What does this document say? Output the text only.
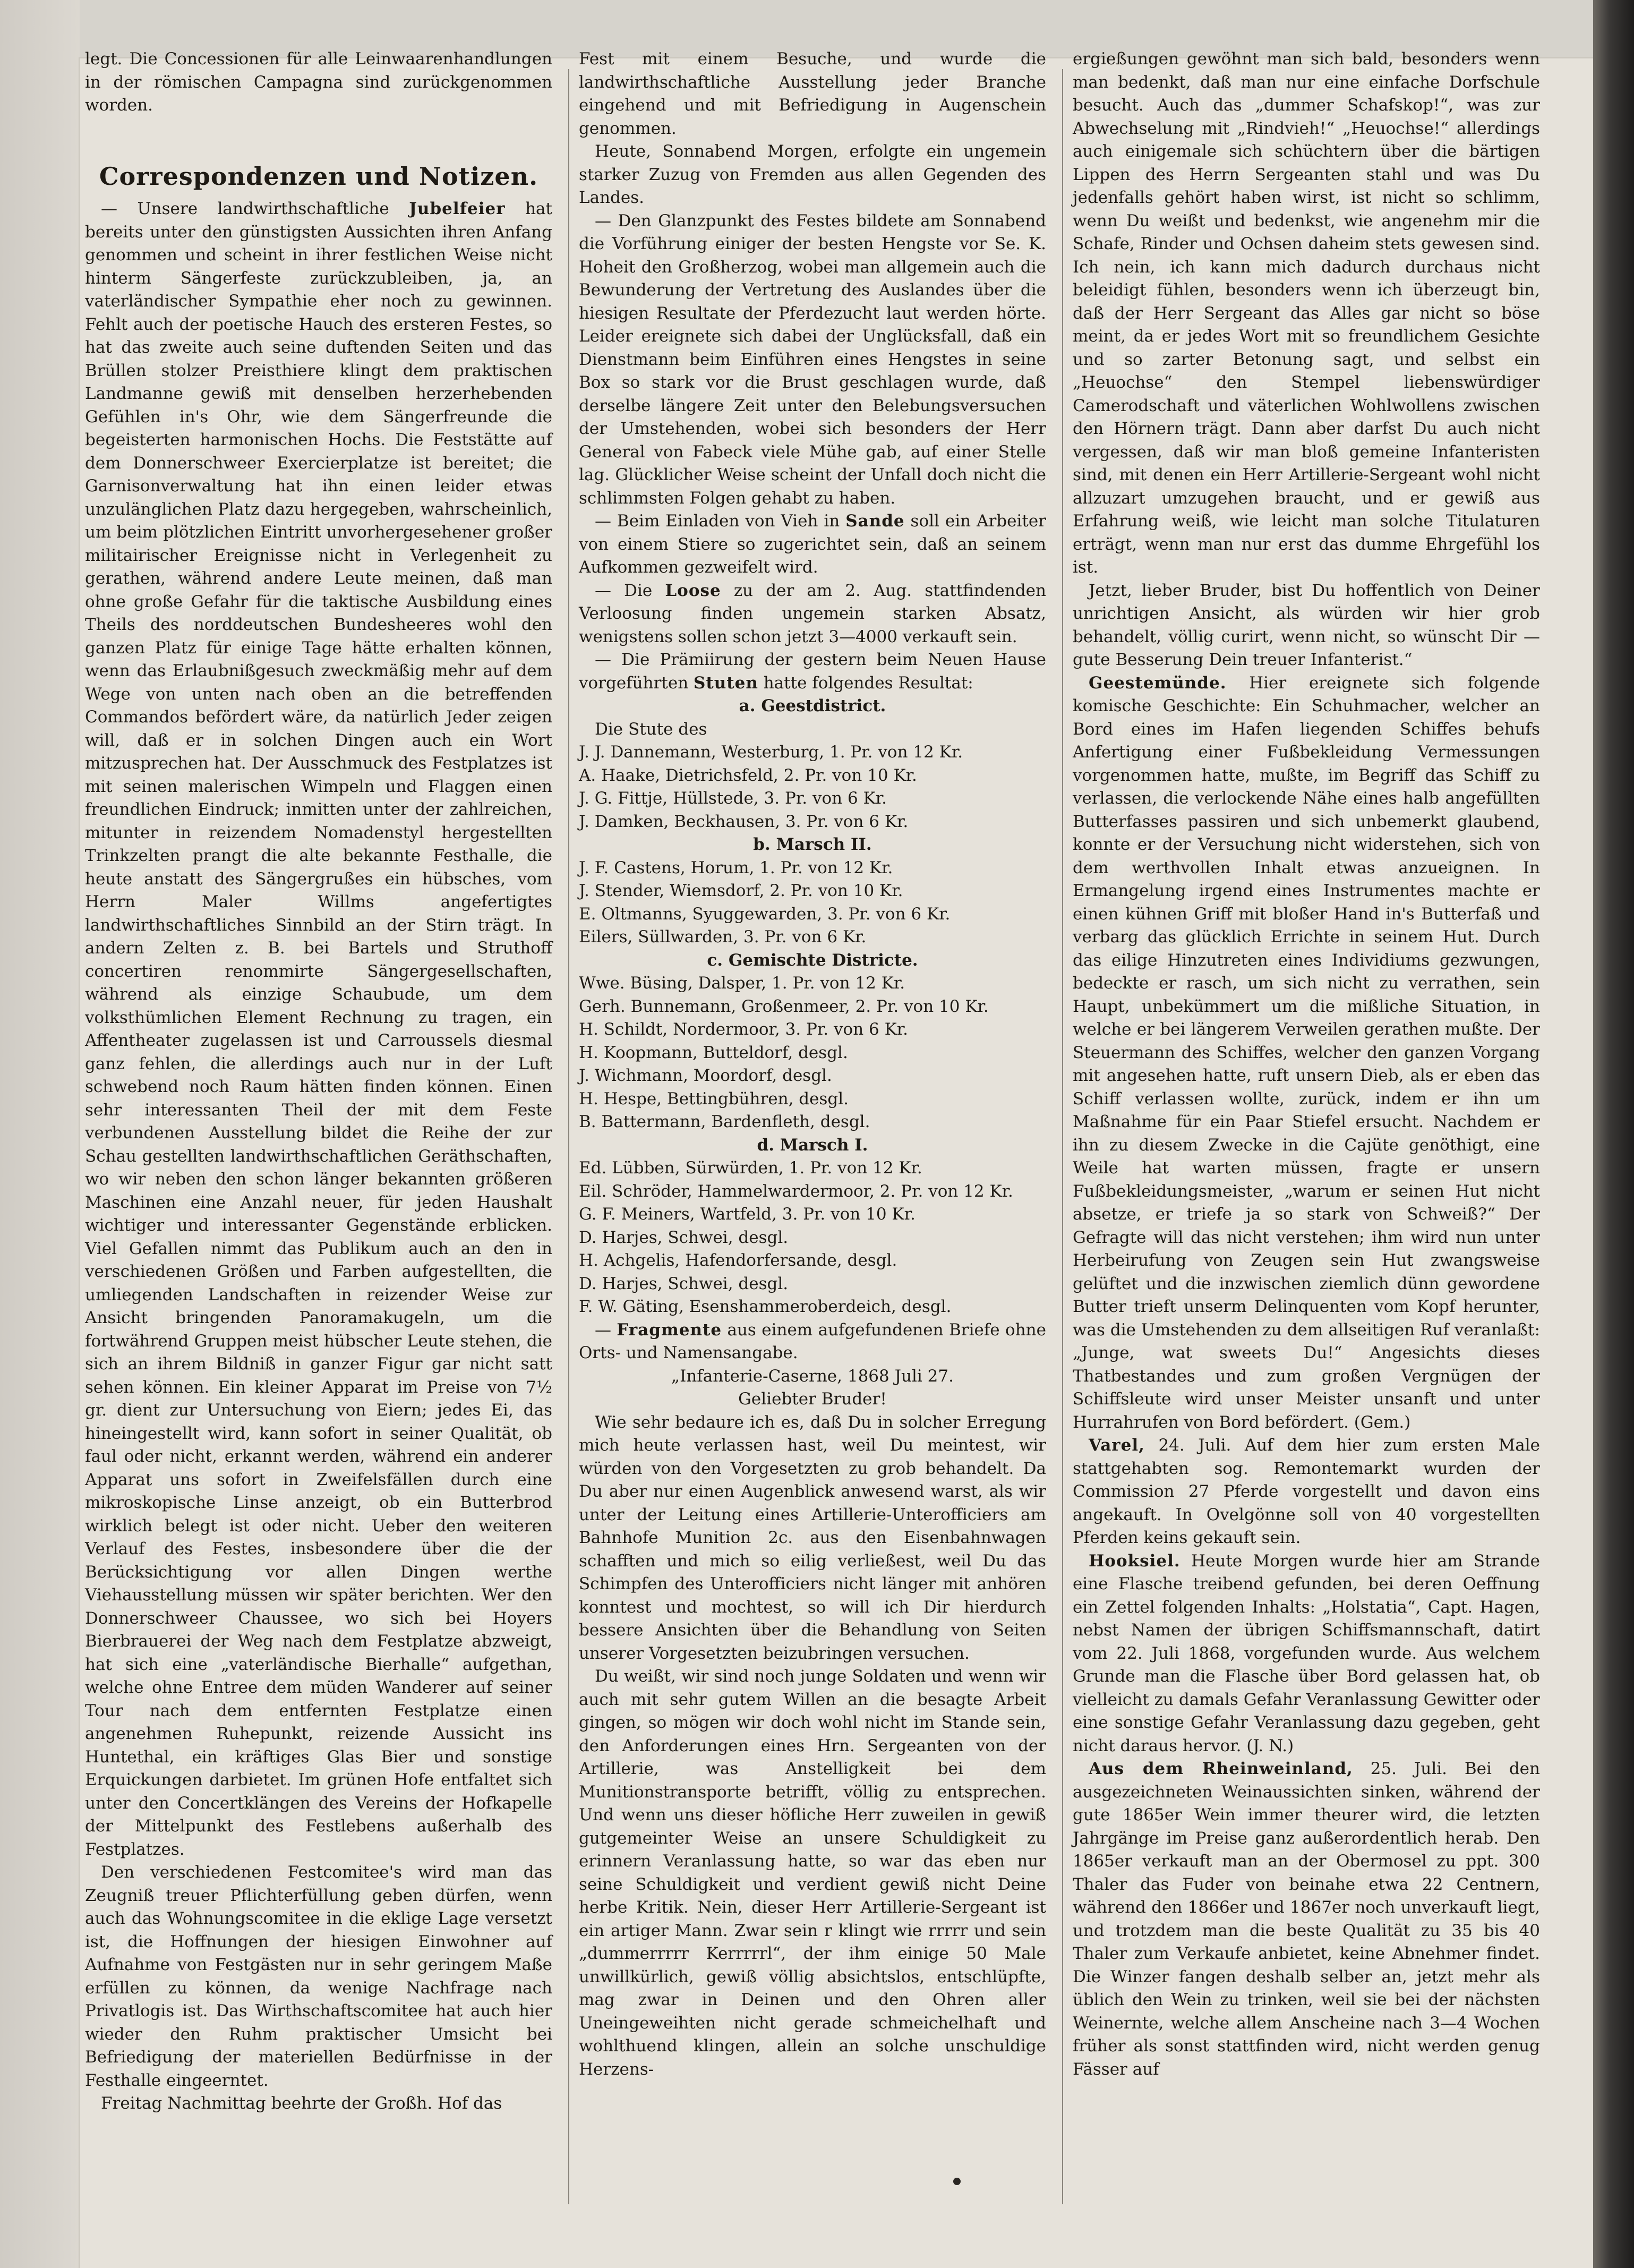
legt. Die Concessionen für alle Leinwaarenhandlungen in der römischen Campagna sind zurückgenommen worden.

Correspondenzen und Notizen.

— Unsere landwirthschaftliche Jubelfeier hat bereits unter den günstigsten Aussichten ihren Anfang genommen und scheint in ihrer festlichen Weise nicht hinterm Sängerfeste zurückzubleiben, ja, an vaterländischer Sympathie eher noch zu gewinnen. Fehlt auch der poetische Hauch des ersteren Festes, so hat das zweite auch seine duftenden Seiten und das Brüllen stolzer Preisthiere klingt dem praktischen Landmanne gewiß mit denselben herzerhebenden Gefühlen in's Ohr, wie dem Sängerfreunde die begeisterten harmonischen Hochs. Die Feststätte auf dem Donnerschweer Exercierplatze ist bereitet; die Garnisonverwaltung hat ihn einen leider etwas unzulänglichen Platz dazu hergegeben, wahrscheinlich, um beim plötzlichen Eintritt unvorhergesehener großer militairischer Ereignisse nicht in Verlegenheit zu gerathen, während andere Leute meinen, daß man ohne große Gefahr für die taktische Ausbildung eines Theils des norddeutschen Bundesheeres wohl den ganzen Platz für einige Tage hätte erhalten können, wenn das Erlaubnißgesuch zweckmäßig mehr auf dem Wege von unten nach oben an die betreffenden Commandos befördert wäre, da natürlich Jeder zeigen will, daß er in solchen Dingen auch ein Wort mitzusprechen hat. Der Ausschmuck des Festplatzes ist mit seinen malerischen Wimpeln und Flaggen einen freundlichen Eindruck; inmitten unter der zahlreichen, mitunter in reizendem Nomadenstyl hergestellten Trinkzelten prangt die alte bekannte Festhalle, die heute anstatt des Sängergrußes ein hübsches, vom Herrn Maler Willms angefertigtes landwirthschaftliches Sinnbild an der Stirn trägt. In andern Zelten z. B. bei Bartels und Struthoff concertiren renommirte Sängergesellschaften, während als einzige Schaubude, um dem volksthümlichen Element Rechnung zu tragen, ein Affentheater zugelassen ist und Carroussels diesmal ganz fehlen, die allerdings auch nur in der Luft schwebend noch Raum hätten finden können. Einen sehr interessanten Theil der mit dem Feste verbundenen Ausstellung bildet die Reihe der zur Schau gestellten landwirthschaftlichen Geräthschaften, wo wir neben den schon länger bekannten größeren Maschinen eine Anzahl neuer, für jeden Haushalt wichtiger und interessanter Gegenstände erblicken. Viel Gefallen nimmt das Publikum auch an den in verschiedenen Größen und Farben aufgestellten, die umliegenden Landschaften in reizender Weise zur Ansicht bringenden Panoramakugeln, um die fortwährend Gruppen meist hübscher Leute stehen, die sich an ihrem Bildniß in ganzer Figur gar nicht satt sehen können. Ein kleiner Apparat im Preise von 7½ gr. dient zur Untersuchung von Eiern; jedes Ei, das hineingestellt wird, kann sofort in seiner Qualität, ob faul oder nicht, erkannt werden, während ein anderer Apparat uns sofort in Zweifelsfällen durch eine mikroskopische Linse anzeigt, ob ein Butterbrod wirklich belegt ist oder nicht. Ueber den weiteren Verlauf des Festes, insbesondere über die der Berücksichtigung vor allen Dingen werthe Viehausstellung müssen wir später berichten. Wer den Donnerschweer Chaussee, wo sich bei Hoyers Bierbrauerei der Weg nach dem Festplatze abzweigt, hat sich eine „vaterländische Bierhalle“ aufgethan, welche ohne Entree dem müden Wanderer auf seiner Tour nach dem entfernten Festplatze einen angenehmen Ruhepunkt, reizende Aussicht ins Huntethal, ein kräftiges Glas Bier und sonstige Erquickungen darbietet. Im grünen Hofe entfaltet sich unter den Concertklängen des Vereins der Hofkapelle der Mittelpunkt des Festlebens außerhalb des Festplatzes.

Den verschiedenen Festcomitee's wird man das Zeugniß treuer Pflichterfüllung geben dürfen, wenn auch das Wohnungscomitee in die eklige Lage versetzt ist, die Hoffnungen der hiesigen Einwohner auf Aufnahme von Festgästen nur in sehr geringem Maße erfüllen zu können, da wenige Nachfrage nach Privatlogis ist. Das Wirthschaftscomitee hat auch hier wieder den Ruhm praktischer Umsicht bei Befriedigung der materiellen Bedürfnisse in der Festhalle eingeerntet.

Freitag Nachmittag beehrte der Großh. Hof das

Fest mit einem Besuche, und wurde die landwirthschaftliche Ausstellung jeder Branche eingehend und mit Befriedigung in Augenschein genommen.

Heute, Sonnabend Morgen, erfolgte ein ungemein starker Zuzug von Fremden aus allen Gegenden des Landes.

— Den Glanzpunkt des Festes bildete am Sonnabend die Vorführung einiger der besten Hengste vor Se. K. Hoheit den Großherzog, wobei man allgemein auch die Bewunderung der Vertretung des Auslandes über die hiesigen Resultate der Pferdezucht laut werden hörte. Leider ereignete sich dabei der Unglücksfall, daß ein Dienstmann beim Einführen eines Hengstes in seine Box so stark vor die Brust geschlagen wurde, daß derselbe längere Zeit unter den Belebungsversuchen der Umstehenden, wobei sich besonders der Herr General von Fabeck viele Mühe gab, auf einer Stelle lag. Glücklicher Weise scheint der Unfall doch nicht die schlimmsten Folgen gehabt zu haben.

— Beim Einladen von Vieh in Sande soll ein Arbeiter von einem Stiere so zugerichtet sein, daß an seinem Aufkommen gezweifelt wird.

— Die Loose zu der am 2. Aug. stattfindenden Verloosung finden ungemein starken Absatz, wenigstens sollen schon jetzt 3—4000 verkauft sein.

— Die Prämiirung der gestern beim Neuen Hause vorgeführten Stuten hatte folgendes Resultat:

a. Geestdistrict.

Die Stute des

J. J. Dannemann, Westerburg, 1. Pr. von 12 Kr.

A. Haake, Dietrichsfeld, 2. Pr. von 10 Kr.

J. G. Fittje, Hüllstede, 3. Pr. von 6 Kr.

J. Damken, Beckhausen, 3. Pr. von 6 Kr.

b. Marsch II.

J. F. Castens, Horum, 1. Pr. von 12 Kr.

J. Stender, Wiemsdorf, 2. Pr. von 10 Kr.

E. Oltmanns, Syuggewarden, 3. Pr. von 6 Kr.

Eilers, Süllwarden, 3. Pr. von 6 Kr.

c. Gemischte Districte.

Wwe. Büsing, Dalsper, 1. Pr. von 12 Kr.

Gerh. Bunnemann, Großenmeer, 2. Pr. von 10 Kr.

H. Schildt, Nordermoor, 3. Pr. von 6 Kr.

H. Koopmann, Butteldorf, desgl.

J. Wichmann, Moordorf, desgl.

H. Hespe, Bettingbühren, desgl.

B. Battermann, Bardenfleth, desgl.

d. Marsch I.

Ed. Lübben, Sürwürden, 1. Pr. von 12 Kr.

Eil. Schröder, Hammelwardermoor, 2. Pr. von 12 Kr.

G. F. Meiners, Wartfeld, 3. Pr. von 10 Kr.

D. Harjes, Schwei, desgl.

H. Achgelis, Hafendorfersande, desgl.

D. Harjes, Schwei, desgl.

F. W. Gäting, Esenshammeroberdeich, desgl.

— Fragmente aus einem aufgefundenen Briefe ohne Orts- und Namensangabe.

„Infanterie-Caserne, 1868 Juli 27.

Geliebter Bruder!

Wie sehr bedaure ich es, daß Du in solcher Erregung mich heute verlassen hast, weil Du meintest, wir würden von den Vorgesetzten zu grob behandelt. Da Du aber nur einen Augenblick anwesend warst, als wir unter der Leitung eines Artillerie-Unterofficiers am Bahnhofe Munition 2c. aus den Eisenbahnwagen schafften und mich so eilig verließest, weil Du das Schimpfen des Unterofficiers nicht länger mit anhören konntest und mochtest, so will ich Dir hierdurch bessere Ansichten über die Behandlung von Seiten unserer Vorgesetzten beizubringen versuchen.

Du weißt, wir sind noch junge Soldaten und wenn wir auch mit sehr gutem Willen an die besagte Arbeit gingen, so mögen wir doch wohl nicht im Stande sein, den Anforderungen eines Hrn. Sergeanten von der Artillerie, was Anstelligkeit bei dem Munitionstransporte betrifft, völlig zu entsprechen. Und wenn uns dieser höfliche Herr zuweilen in gewiß gutgemeinter Weise an unsere Schuldigkeit zu erinnern Veranlassung hatte, so war das eben nur seine Schuldigkeit und verdient gewiß nicht Deine herbe Kritik. Nein, dieser Herr Artillerie-Sergeant ist ein artiger Mann. Zwar sein r klingt wie rrrrr und sein „dummerrrrr Kerrrrrl“, der ihm einige 50 Male unwillkürlich, gewiß völlig absichtslos, entschlüpfte, mag zwar in Deinen und den Ohren aller Uneingeweihten nicht gerade schmeichelhaft und wohlthuend klingen, allein an solche unschuldige Herzens-

ergießungen gewöhnt man sich bald, besonders wenn man bedenkt, daß man nur eine einfache Dorfschule besucht. Auch das „dummer Schafskop!“, was zur Abwechselung mit „Rindvieh!“ „Heuochse!“ allerdings auch einigemale sich schüchtern über die bärtigen Lippen des Herrn Sergeanten stahl und was Du jedenfalls gehört haben wirst, ist nicht so schlimm, wenn Du weißt und bedenkst, wie angenehm mir die Schafe, Rinder und Ochsen daheim stets gewesen sind. Ich nein, ich kann mich dadurch durchaus nicht beleidigt fühlen, besonders wenn ich überzeugt bin, daß der Herr Sergeant das Alles gar nicht so böse meint, da er jedes Wort mit so freundlichem Gesichte und so zarter Betonung sagt, und selbst ein „Heuochse“ den Stempel liebenswürdiger Camerodschaft und väterlichen Wohlwollens zwischen den Hörnern trägt. Dann aber darfst Du auch nicht vergessen, daß wir man bloß gemeine Infanteristen sind, mit denen ein Herr Artillerie-Sergeant wohl nicht allzuzart umzugehen braucht, und er gewiß aus Erfahrung weiß, wie leicht man solche Titulaturen erträgt, wenn man nur erst das dumme Ehrgefühl los ist.

Jetzt, lieber Bruder, bist Du hoffentlich von Deiner unrichtigen Ansicht, als würden wir hier grob behandelt, völlig curirt, wenn nicht, so wünscht Dir — gute Besserung Dein treuer Infanterist.“

Geestemünde. Hier ereignete sich folgende komische Geschichte: Ein Schuhmacher, welcher an Bord eines im Hafen liegenden Schiffes behufs Anfertigung einer Fußbekleidung Vermessungen vorgenommen hatte, mußte, im Begriff das Schiff zu verlassen, die verlockende Nähe eines halb angefüllten Butterfasses passiren und sich unbemerkt glaubend, konnte er der Versuchung nicht widerstehen, sich von dem werthvollen Inhalt etwas anzueignen. In Ermangelung irgend eines Instrumentes machte er einen kühnen Griff mit bloßer Hand in's Butterfaß und verbarg das glücklich Errichte in seinem Hut. Durch das eilige Hinzutreten eines Individiums gezwungen, bedeckte er rasch, um sich nicht zu verrathen, sein Haupt, unbekümmert um die mißliche Situation, in welche er bei längerem Verweilen gerathen mußte. Der Steuermann des Schiffes, welcher den ganzen Vorgang mit angesehen hatte, ruft unsern Dieb, als er eben das Schiff verlassen wollte, zurück, indem er ihn um Maßnahme für ein Paar Stiefel ersucht. Nachdem er ihn zu diesem Zwecke in die Cajüte genöthigt, eine Weile hat warten müssen, fragte er unsern Fußbekleidungsmeister, „warum er seinen Hut nicht absetze, er triefe ja so stark von Schweiß?“ Der Gefragte will das nicht verstehen; ihm wird nun unter Herbeirufung von Zeugen sein Hut zwangsweise gelüftet und die inzwischen ziemlich dünn gewordene Butter trieft unserm Delinquenten vom Kopf herunter, was die Umstehenden zu dem allseitigen Ruf veranlaßt: „Junge, wat sweets Du!“ Angesichts dieses Thatbestandes und zum großen Vergnügen der Schiffsleute wird unser Meister unsanft und unter Hurrahrufen von Bord befördert. (Gem.)

Varel, 24. Juli. Auf dem hier zum ersten Male stattgehabten sog. Remontemarkt wurden der Commission 27 Pferde vorgestellt und davon eins angekauft. In Ovelgönne soll von 40 vorgestellten Pferden keins gekauft sein.

Hooksiel. Heute Morgen wurde hier am Strande eine Flasche treibend gefunden, bei deren Oeffnung ein Zettel folgenden Inhalts: „Holstatia“, Capt. Hagen, nebst Namen der übrigen Schiffsmannschaft, datirt vom 22. Juli 1868, vorgefunden wurde. Aus welchem Grunde man die Flasche über Bord gelassen hat, ob vielleicht zu damals Gefahr Veranlassung Gewitter oder eine sonstige Gefahr Veranlassung dazu gegeben, geht nicht daraus hervor. (J. N.)

Aus dem Rheinweinland, 25. Juli. Bei den ausgezeichneten Weinaussichten sinken, während der gute 1865er Wein immer theurer wird, die letzten Jahrgänge im Preise ganz außerordentlich herab. Den 1865er verkauft man an der Obermosel zu ppt. 300 Thaler das Fuder von beinahe etwa 22 Centnern, während den 1866er und 1867er noch unverkauft liegt, und trotzdem man die beste Qualität zu 35 bis 40 Thaler zum Verkaufe anbietet, keine Abnehmer findet. Die Winzer fangen deshalb selber an, jetzt mehr als üblich den Wein zu trinken, weil sie bei der nächsten Weinernte, welche allem Anscheine nach 3—4 Wochen früher als sonst stattfinden wird, nicht werden genug Fässer auf
